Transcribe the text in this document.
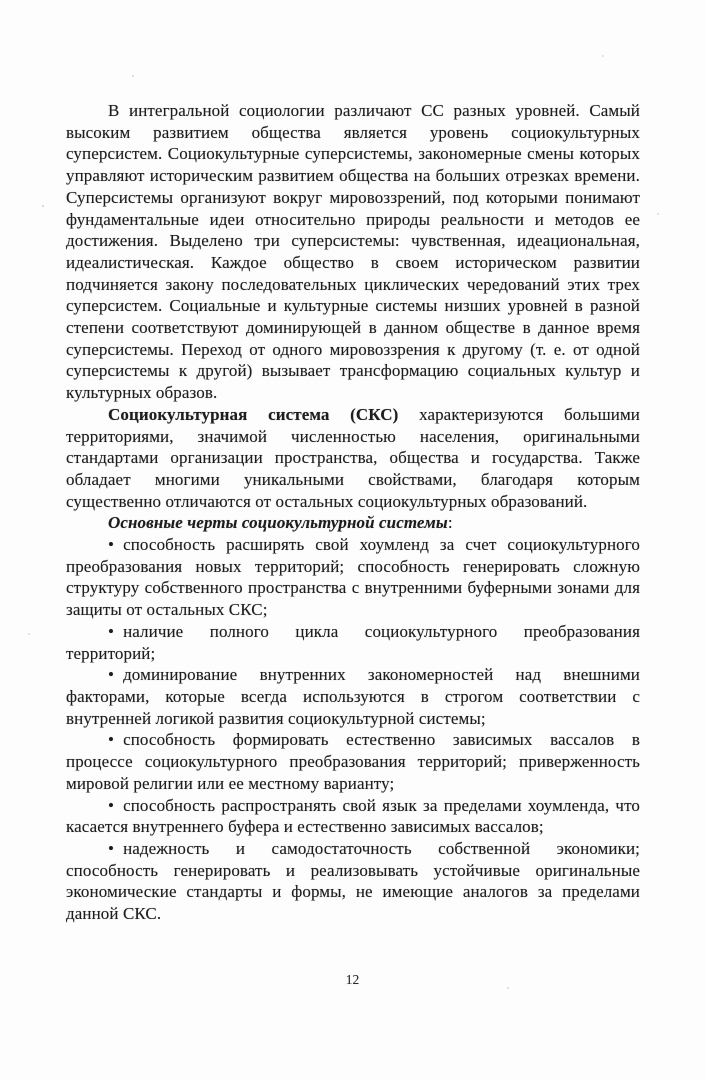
В интегральной социологии различают СС разных уровней. Самый высоким развитием общества является уровень социокультурных суперсистем. Социокультурные суперсистемы, закономерные смены которых управляют историческим развитием общества на больших отрезках времени. Суперсистемы организуют вокруг мировоззрений, под которыми понимают фундаментальные идеи относительно природы реальности и методов ее достижения. Выделено три суперсистемы: чувственная, идеациональная, идеалистическая. Каждое общество в своем историческом развитии подчиняется закону последовательных циклических чередований этих трех суперсистем. Социальные и культурные системы низших уровней в разной степени соответствуют доминирующей в данном обществе в данное время суперсистемы. Переход от одного мировоззрения к другому (т. е. от одной суперсистемы к другой) вызывает трансформацию социальных культур и культурных образов.

Социокультурная система (СКС) характеризуются большими территориями, значимой численностью населения, оригинальными стандартами организации пространства, общества и государства. Также обладает многими уникальными свойствами, благодаря которым существенно отличаются от остальных социокультурных образований.

Основные черты социокультурной системы:

• способность расширять свой хоумленд за счет социокультурного преобразования новых территорий; способность генерировать сложную структуру собственного пространства с внутренними буферными зонами для защиты от остальных СКС;

• наличие полного цикла социокультурного преобразования территорий;

• доминирование внутренних закономерностей над внешними факторами, которые всегда используются в строгом соответствии с внутренней логикой развития социокультурной системы;

• способность формировать естественно зависимых вассалов в процессе социокультурного преобразования территорий; приверженность мировой религии или ее местному варианту;

• способность распространять свой язык за пределами хоумленда, что касается внутреннего буфера и естественно зависимых вассалов;

• надежность и самодостаточность собственной экономики; способность генерировать и реализовывать устойчивые оригинальные экономические стандарты и формы, не имеющие аналогов за пределами данной СКС.

12
